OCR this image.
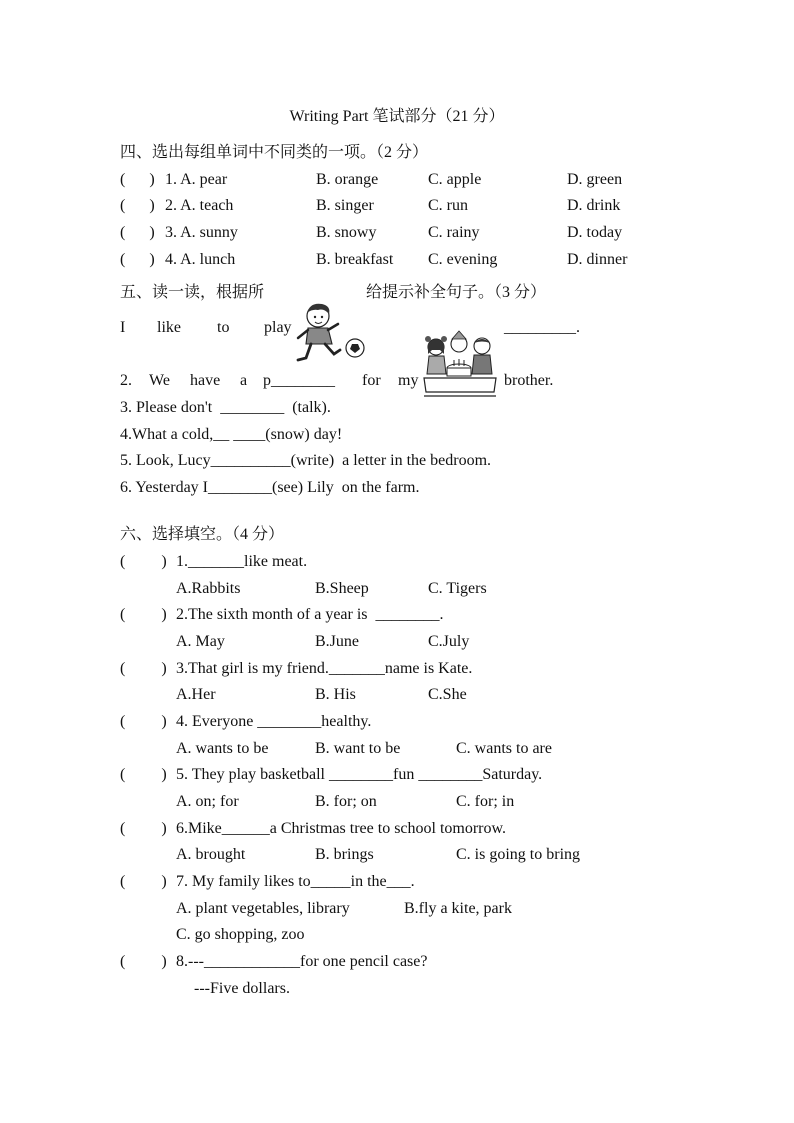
Writing Part 笔试部分（21 分）
四、选出每组单词中不同类的一项。（2 分）
(      ) 1. A. pear	B. orange	C. apple	D. green
(      ) 2. A. teach	B. singer	C. run	D. drink
(      ) 3. A. sunny	B. snowy	C. rainy	D. today
(      ) 4. A. lunch	B. breakfast C. evening	D. dinner
五、读一读，根据所	给提示补全句子。（3 分）
I like to play	_________.
2. We have a p________ for my	brother.
3. Please don't  ________  (talk).
4.What a cold,__ ____(snow) day!
5. Look, Lucy__________(write)  a letter in the bedroom.
6. Yesterday I________(see) Lily  on the farm.
六、选择填空。（4 分）
(         ) 1._______like meat.
A.Rabbits	B.Sheep	C. Tigers
(         ) 2.The sixth month of a year is  ________.
A. May	B.June	C.July
(         ) 3.That girl is my friend._______name is Kate.
A.Her	B. His	C.She
(         ) 4. Everyone ________healthy.
A. wants to be	B. want to be	C. wants to are
(         ) 5. They play basketball ________fun ________Saturday.
A. on; for	B. for; on	C. for; in
(         ) 6.Mike______a Christmas tree to school tomorrow.
A. brought	B. brings	C. is going to bring
(         ) 7. My family likes to_____in the___.
A. plant vegetables, library	B.fly a kite, park
C. go shopping, zoo
(         ) 8.---____________for one pencil case?
---Five dollars.
